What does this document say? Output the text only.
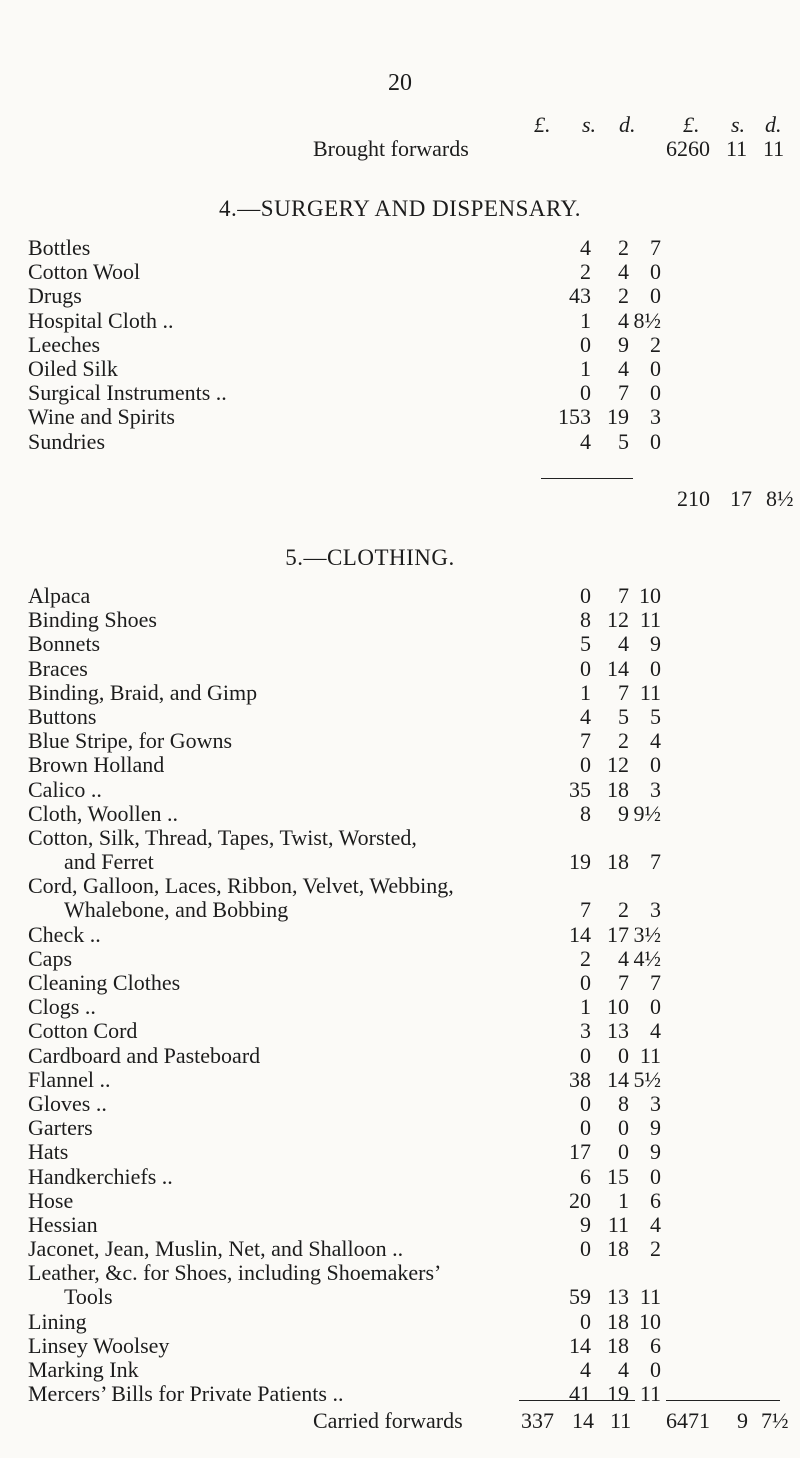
20
£. s. d. £. s. d.
Brought forwards	6260 11 11
4.—SURGERY AND DISPENSARY.
Bottles	4	2 7
Cotton Wool	2	4 0
Drugs	43	2 0
Hospital Cloth ..	1	4 8½
Leeches	0	9 2
Oiled Silk	1	4 0
Surgical Instruments ..	0	7 0
Wine and Spirits	153 19 3
Sundries	4	5 0
210 17 8½
5.—CLOTHING.
Alpaca	0	7 10
Binding Shoes	8 12 11
Bonnets	5	4 9
Braces	0 14 0
Binding, Braid, and Gimp	1	7 11
Buttons	4	5 5
Blue Stripe, for Gowns	7	2 4
Brown Holland	0 12 0
Calico ..	35 18 3
Cloth, Woollen ..	8	9 9½
Cotton, Silk, Thread, Tapes, Twist, Worsted,
and Ferret	19 18 7
Cord, Galloon, Laces, Ribbon, Velvet, Webbing,
Whalebone, and Bobbing	7	2 3
Check ..	14 17 3½
Caps	2	4 4½
Cleaning Clothes	0	7 7
Clogs ..	1 10 0
Cotton Cord	3 13 4
Cardboard and Pasteboard	0	0 11
Flannel ..	38 14 5½
Gloves ..	0	8 3
Garters	0	0 9
Hats	17	0 9
Handkerchiefs ..	6 15 0
Hose	20	1 6
Hessian	9 11 4
Jaconet, Jean, Muslin, Net, and Shalloon ..	0 18 2
Leather, &c. for Shoes, including Shoemakers’
Tools	59 13 11
Lining	0 18 10
Linsey Woolsey	14 18 6
Marking Ink	4	4 0
Mercers’ Bills for Private Patients ..	41 19 11
Carried forwards	337 14 11 6471 9 7½
